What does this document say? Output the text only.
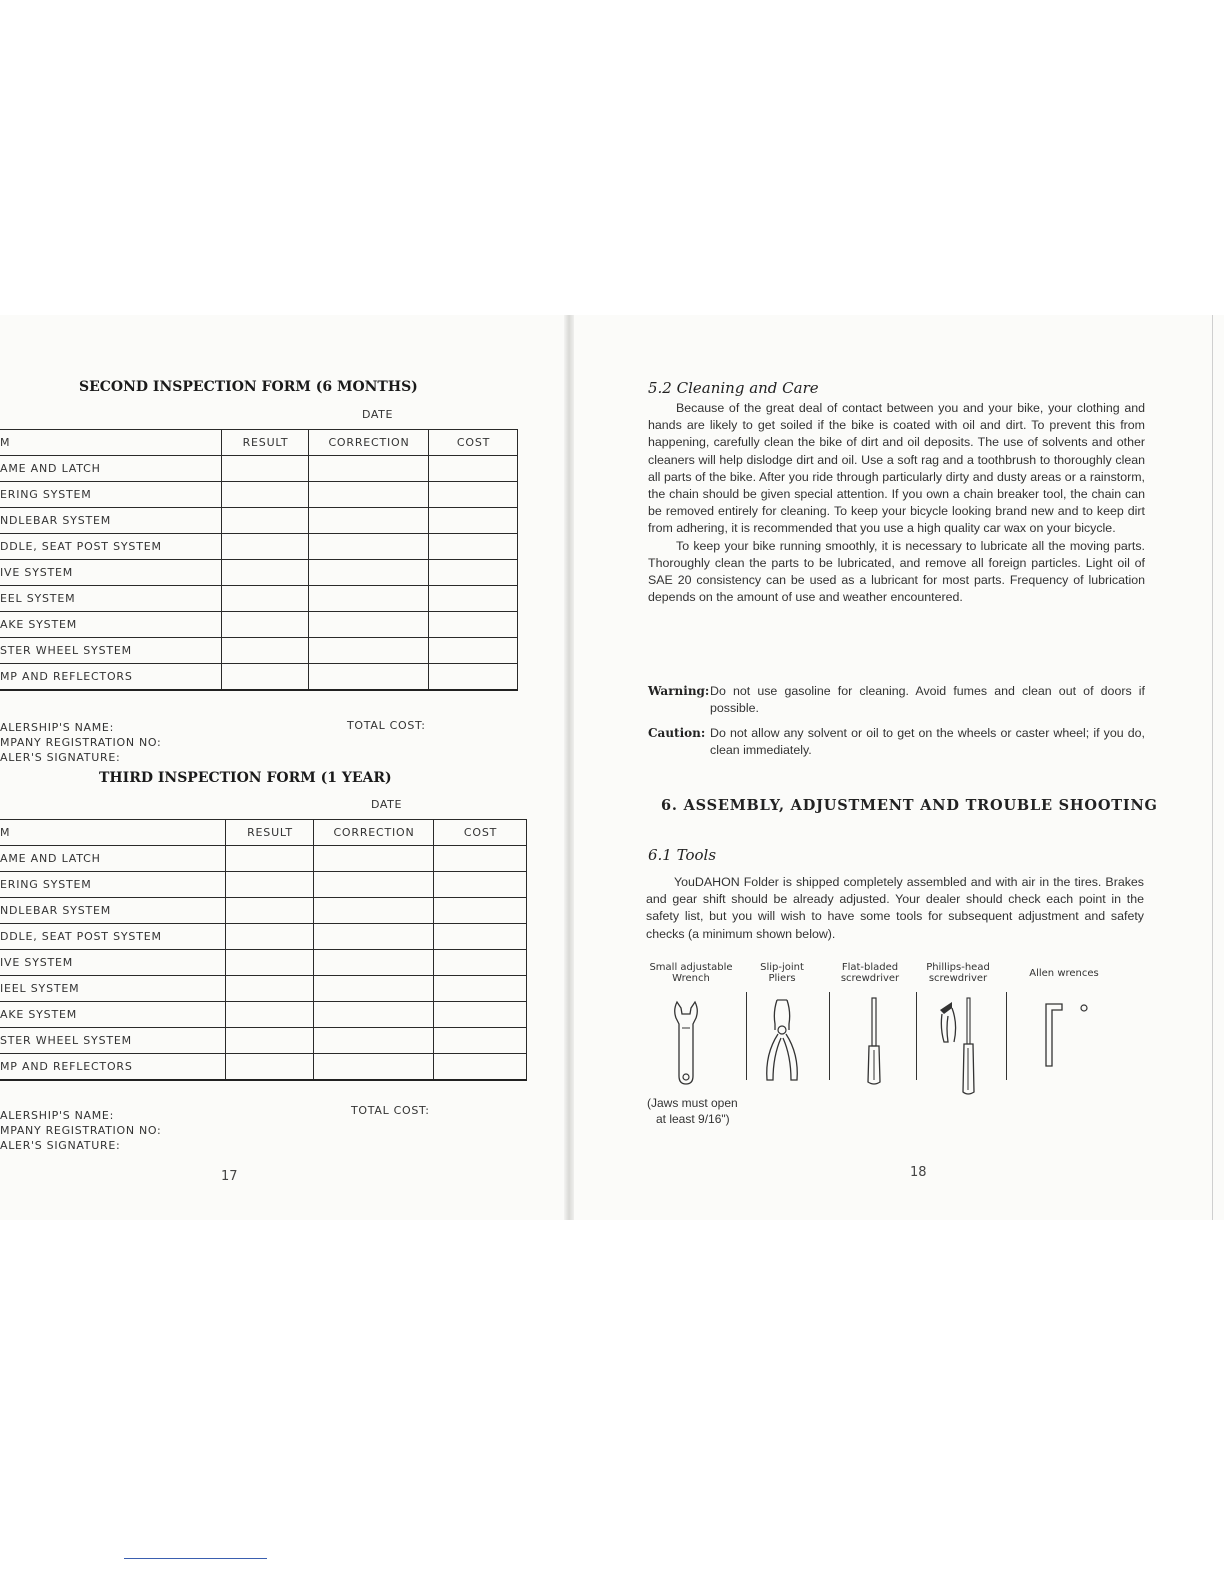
SECOND INSPECTION FORM (6 MONTHS)
DATE
M	RESULT	CORRECTION	COST
AME AND LATCH			
ERING SYSTEM			
NDLEBAR SYSTEM			
DDLE, SEAT POST SYSTEM			
IVE SYSTEM			
EEL SYSTEM			
AKE SYSTEM			
STER WHEEL SYSTEM			
MP AND REFLECTORS			
ALERSHIP'S NAME:
MPANY REGISTRATION NO:
ALER'S SIGNATURE:
TOTAL COST:
THIRD INSPECTION FORM (1 YEAR)
DATE
M	RESULT	CORRECTION	COST
AME AND LATCH			
ERING SYSTEM			
NDLEBAR SYSTEM			
DDLE, SEAT POST SYSTEM			
IVE SYSTEM			
IEEL SYSTEM			
AKE SYSTEM			
STER WHEEL SYSTEM			
MP AND REFLECTORS			
ALERSHIP'S NAME:
MPANY REGISTRATION NO:
ALER'S SIGNATURE:
TOTAL COST:
17
5.2 Cleaning and Care

Because of the great deal of contact between you and your bike, your clothing and hands are likely to get soiled if the bike is coated with oil and dirt. To prevent this from happening, carefully clean the bike of dirt and oil deposits. The use of solvents and other cleaners will help dislodge dirt and oil. Use a soft rag and a toothbrush to thoroughly clean all parts of the bike. After you ride through particularly dirty and dusty areas or a rainstorm, the chain should be given special attention. If you own a chain breaker tool, the chain can be removed entirely for cleaning. To keep your bicycle looking brand new and to keep dirt from adhering, it is recommended that you use a high quality car wax on your bicycle.

To keep your bike running smoothly, it is necessary to lubricate all the moving parts. Thoroughly clean the parts to be lubricated, and remove all foreign particles. Light oil of SAE 20 consistency can be used as a lubricant for most parts. Frequency of lubrication depends on the amount of use and weather encountered.

Warning: Do not use gasoline for cleaning. Avoid fumes and clean out of doors if possible.
Caution: Do not allow any solvent or oil to get on the wheels or caster wheel; if you do, clean immediately.
6. ASSEMBLY, ADJUSTMENT AND TROUBLE SHOOTING
6.1 Tools

YouDAHON Folder is shipped completely assembled and with air in the tires. Brakes and gear shift should be already adjusted. Your dealer should check each point in the safety list, but you will wish to have some tools for subsequent adjustment and safety checks (a minimum shown below).

Small adjustable
Wrench
Slip-joint
Pliers
Flat-bladed
screwdriver
Phillips-head
screwdriver	Allen wrences
(Jaws must open
at least 9/16")
18
